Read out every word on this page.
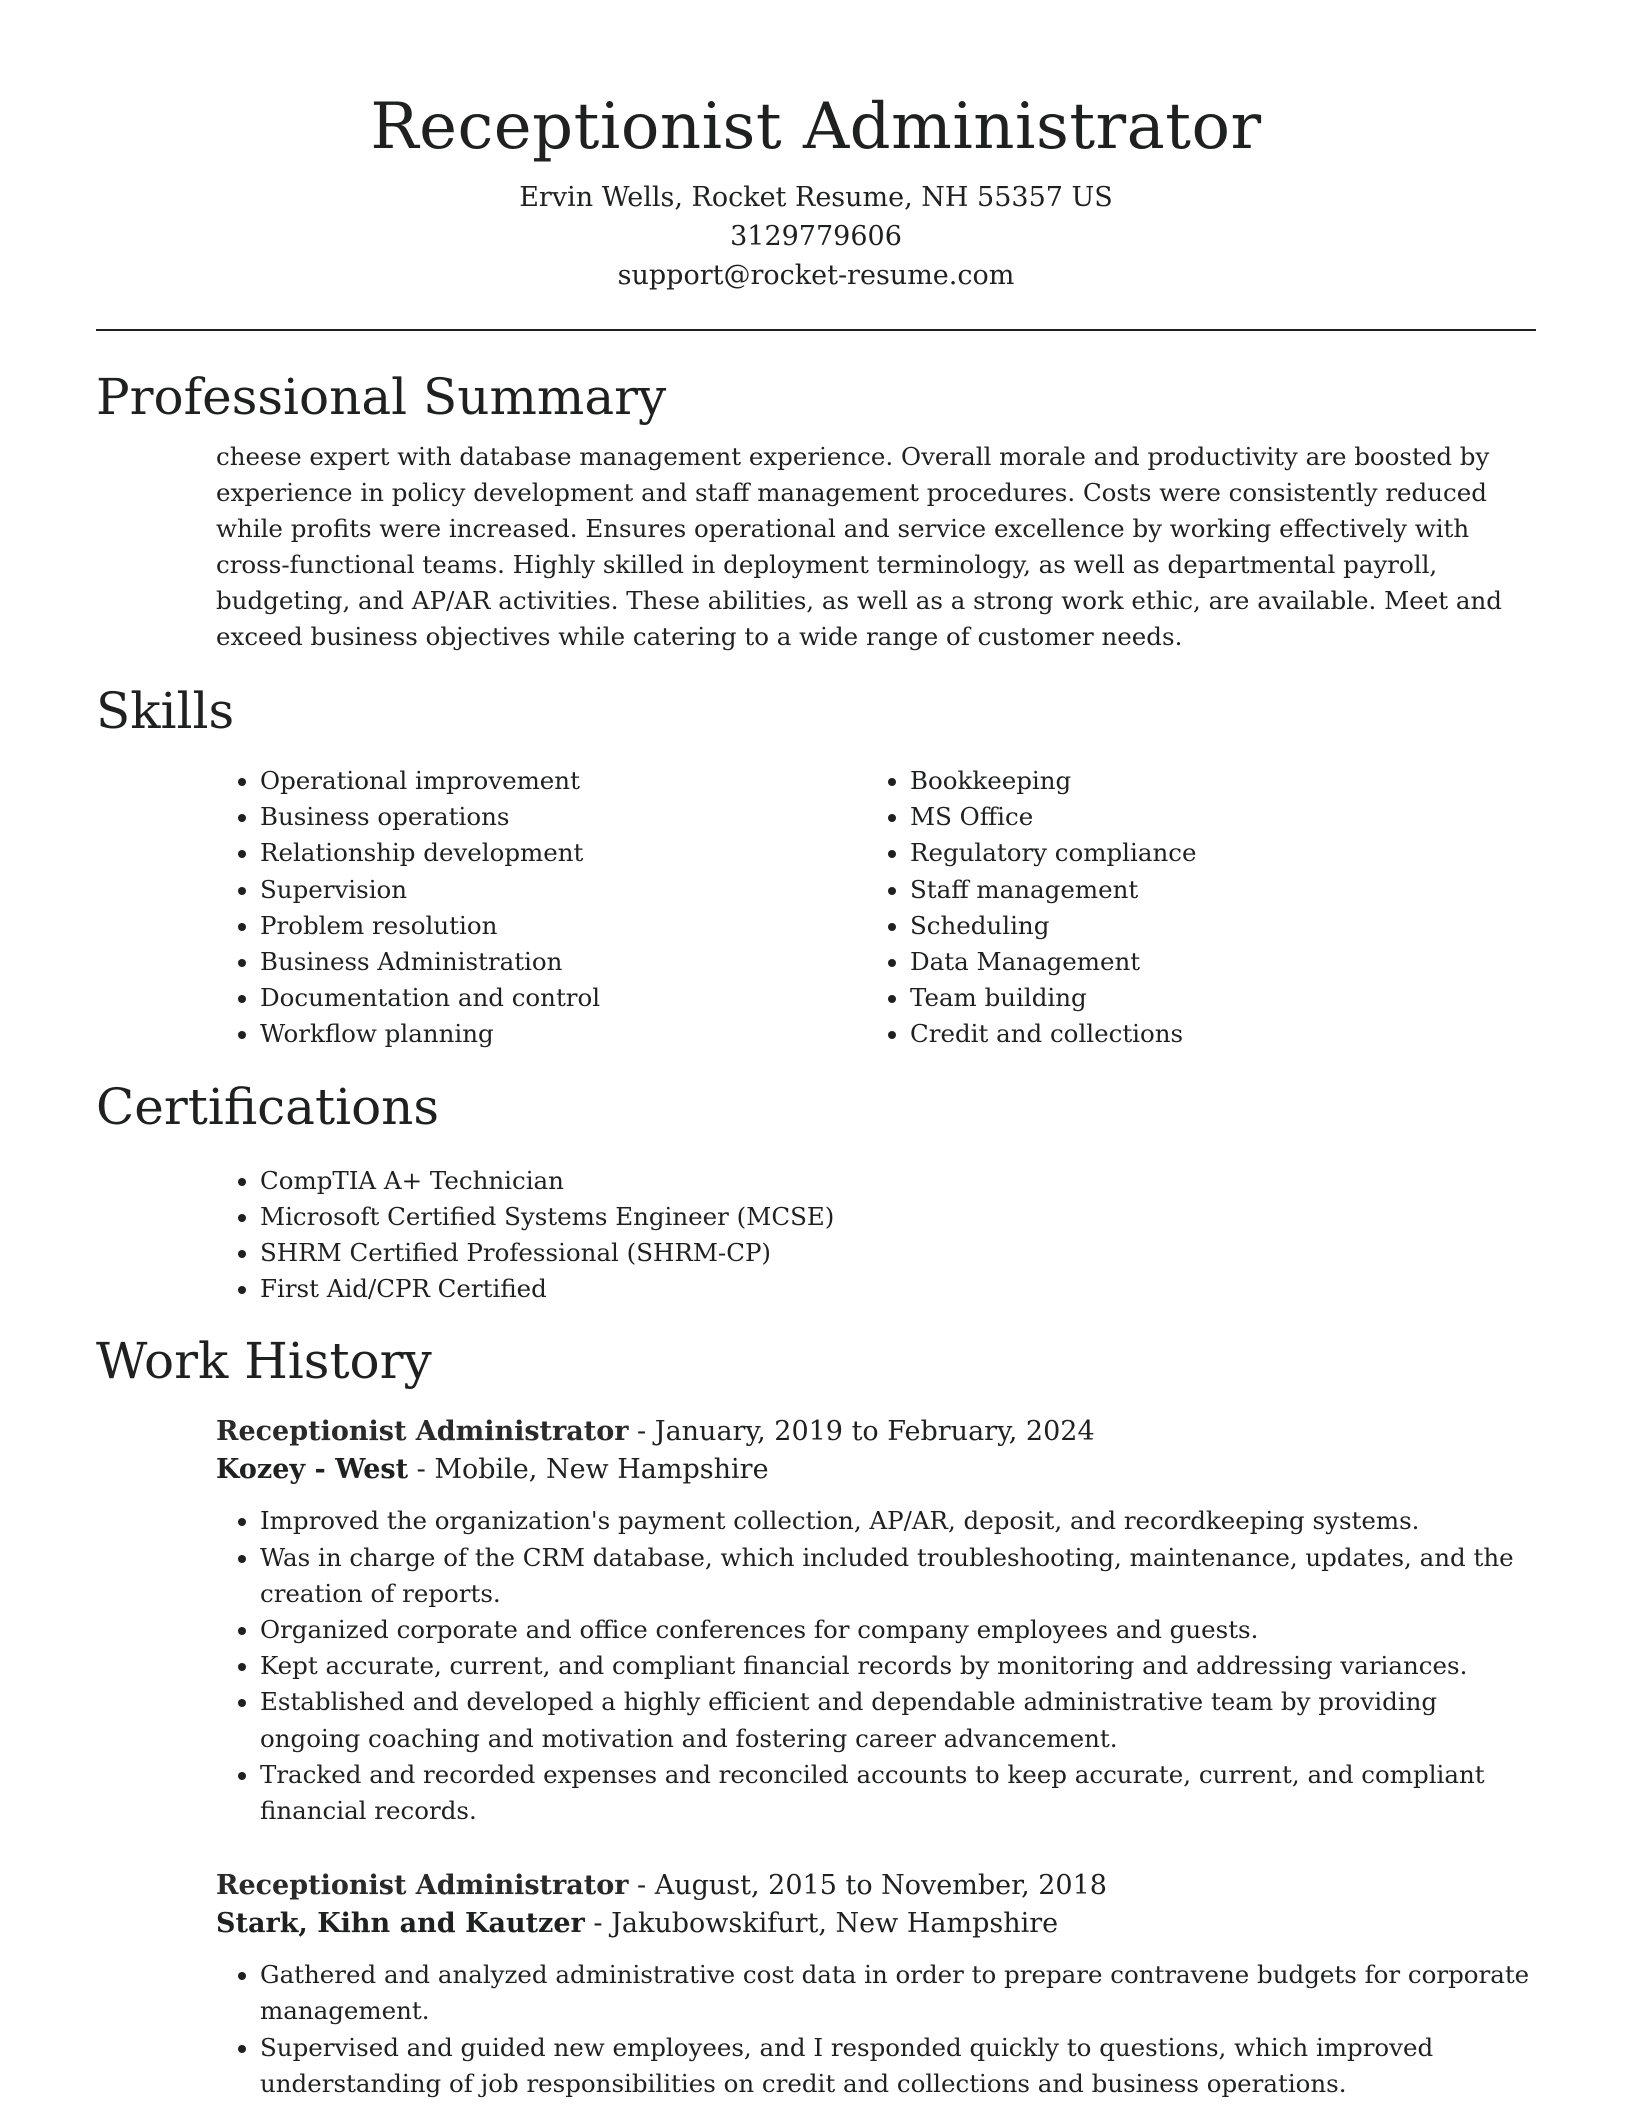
Receptionist Administrator

Ervin Wells, Rocket Resume, NH 55357 US

3129779606

support@rocket-resume.com

Professional Summary

cheese expert with database management experience. Overall morale and productivity are boosted by experience in policy development and staff management procedures. Costs were consistently reduced while profits were increased. Ensures operational and service excellence by working effectively with cross-functional teams. Highly skilled in deployment terminology, as well as departmental payroll, budgeting, and AP/AR activities. These abilities, as well as a strong work ethic, are available. Meet and exceed business objectives while catering to a wide range of customer needs.

Skills
• Operational improvement
• Business operations
• Relationship development
• Supervision
• Problem resolution
• Business Administration
• Documentation and control
• Workflow planning
• Bookkeeping
• MS Office
• Regulatory compliance
• Staff management
• Scheduling
• Data Management
• Team building
• Credit and collections
Certifications
• CompTIA A+ Technician
• Microsoft Certified Systems Engineer (MCSE)
• SHRM Certified Professional (SHRM-CP)
• First Aid/CPR Certified
Work History

Receptionist Administrator - January, 2019 to February, 2024

Kozey - West - Mobile, New Hampshire

• Improved the organization's payment collection, AP/AR, deposit, and recordkeeping systems.
• Was in charge of the CRM database, which included troubleshooting, maintenance, updates, and the creation of reports.
• Organized corporate and office conferences for company employees and guests.
• Kept accurate, current, and compliant financial records by monitoring and addressing variances.
• Established and developed a highly efficient and dependable administrative team by providing ongoing coaching and motivation and fostering career advancement.
• Tracked and recorded expenses and reconciled accounts to keep accurate, current, and compliant financial records.

Receptionist Administrator - August, 2015 to November, 2018

Stark, Kihn and Kautzer - Jakubowskifurt, New Hampshire

• Gathered and analyzed administrative cost data in order to prepare contravene budgets for corporate management.
• Supervised and guided new employees, and I responded quickly to questions, which improved understanding of job responsibilities on credit and collections and business operations.
